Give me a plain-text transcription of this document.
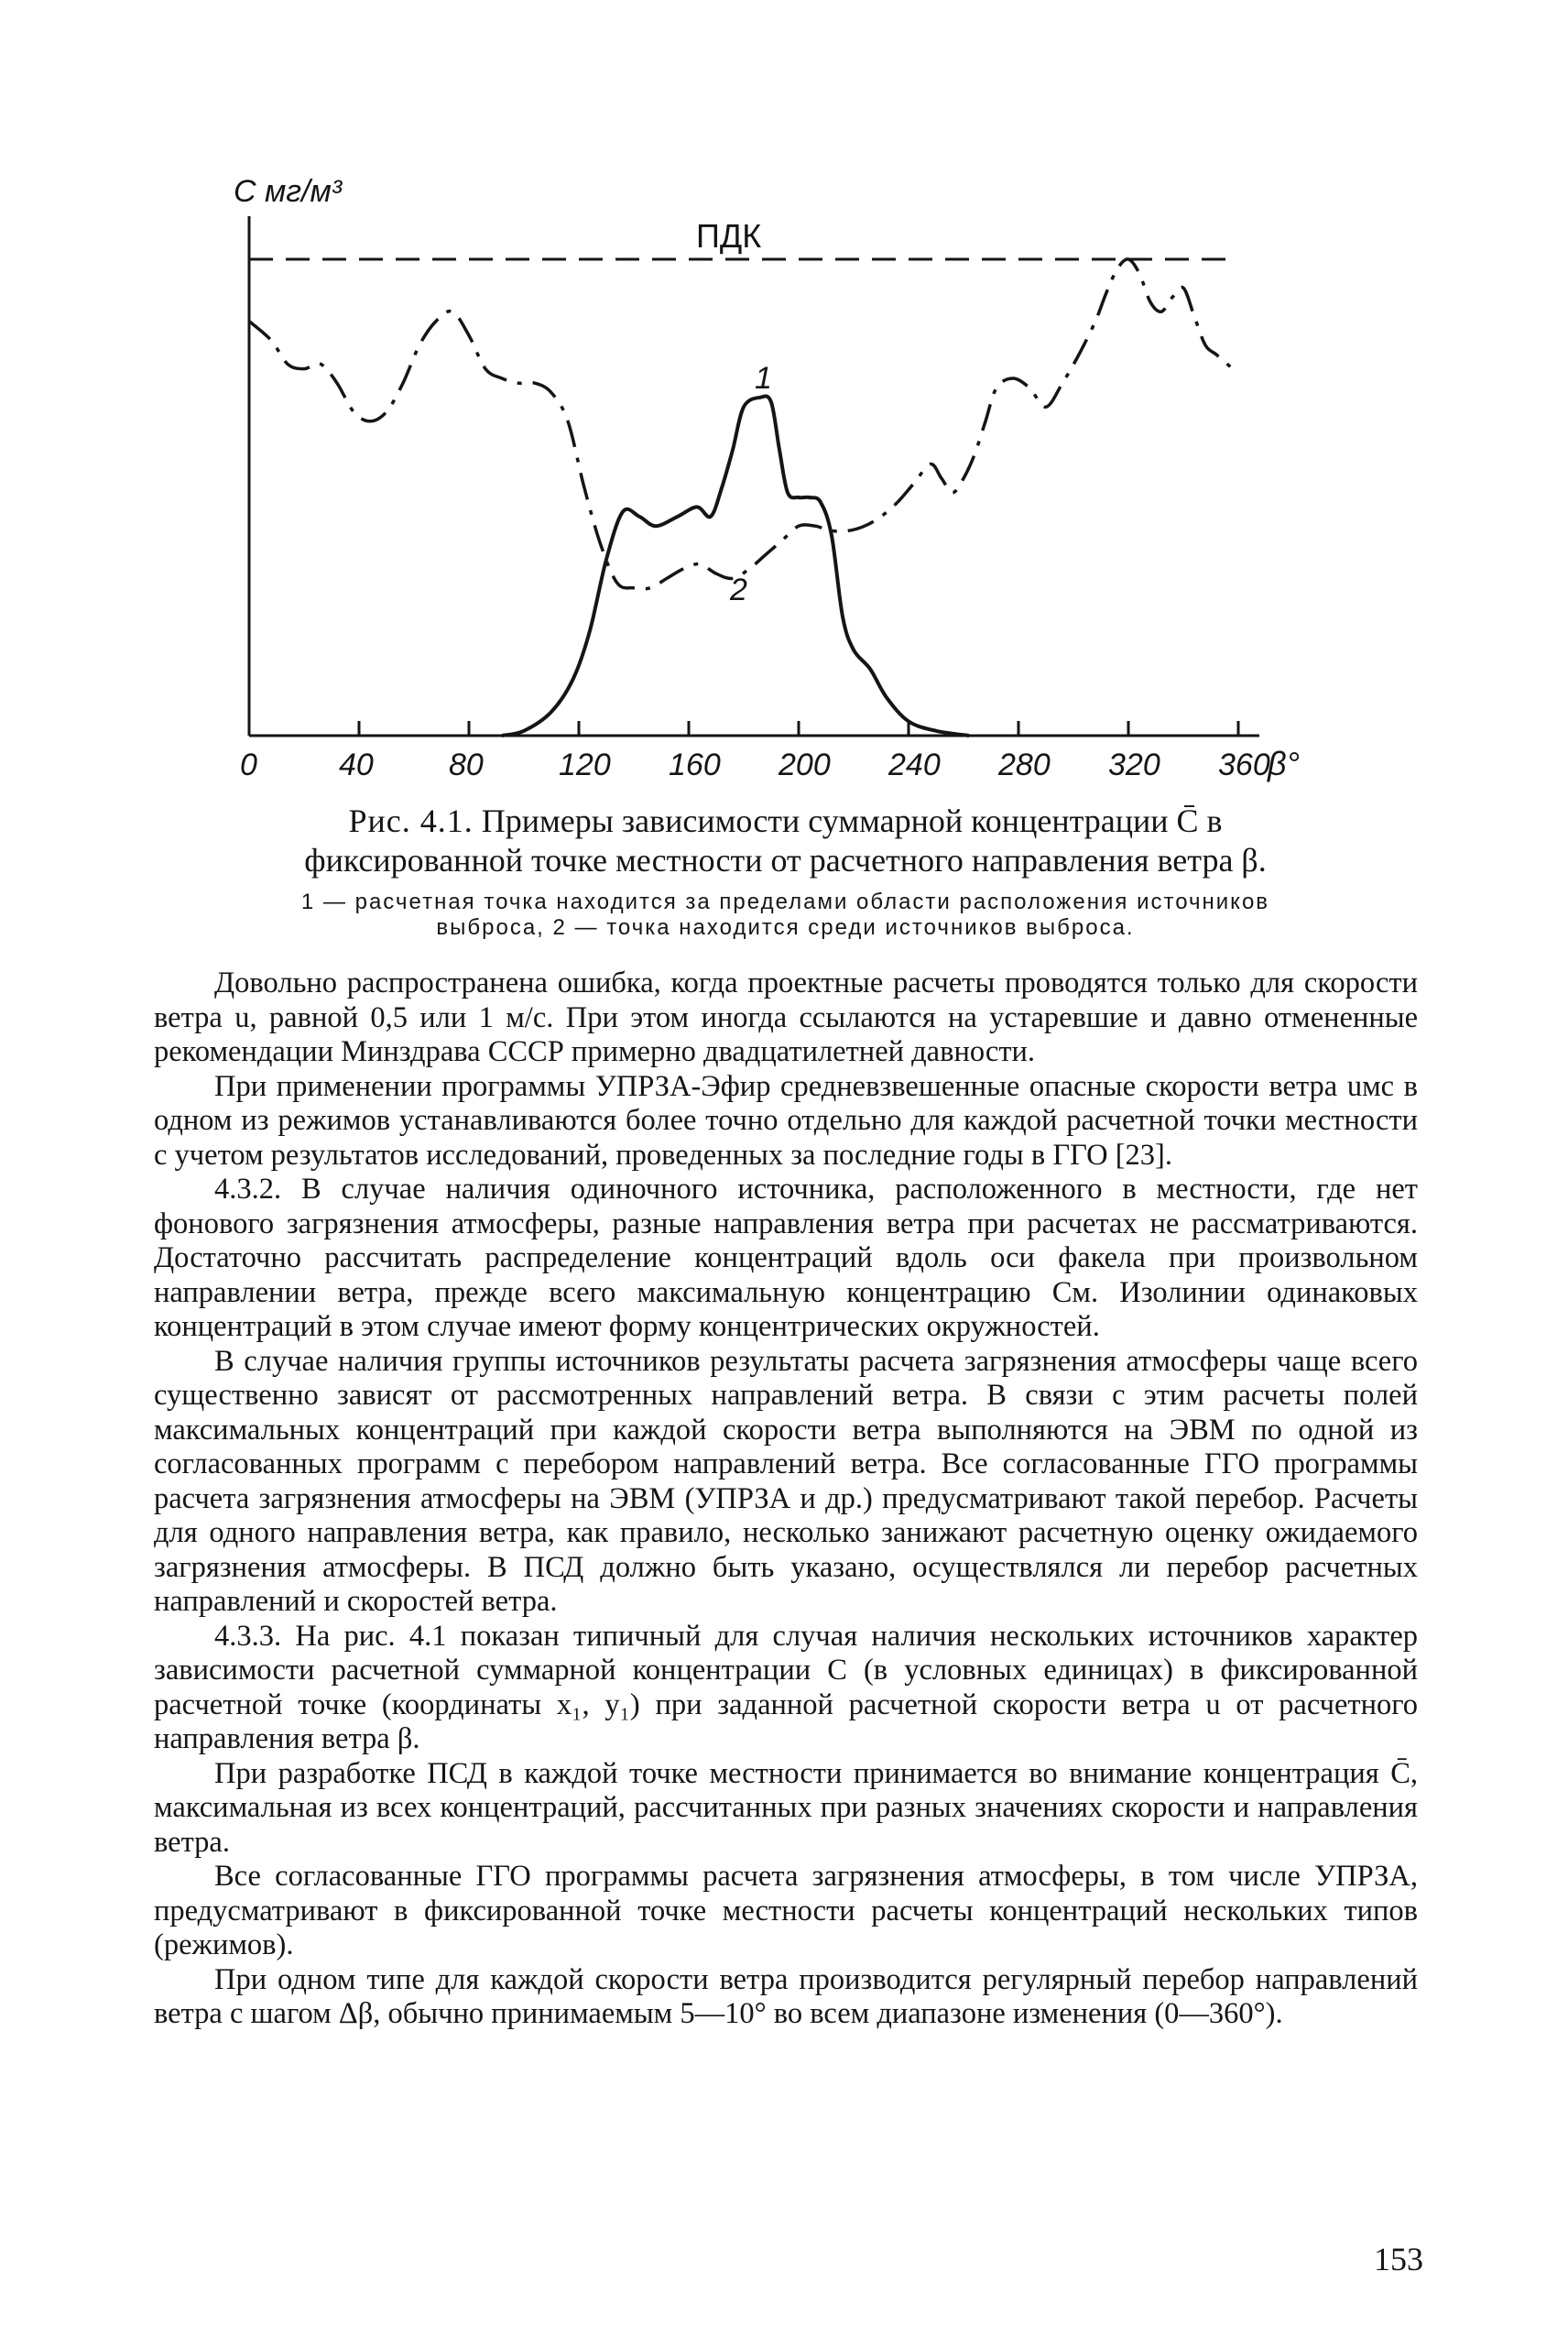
С мг/м³
ПДК
β°
0	40 80 120 160 200 240 280 320 360
1
2

Рис. 4.1. Примеры зависимости суммарной концентрации C̄ в фиксированной точке местности от расчетного направления ветра β.

1 — расчетная точка находится за пределами области расположения источников выброса, 2 — точка находится среди источников выброса.

Довольно распространена ошибка, когда проектные расчеты проводятся только для скорости ветра u, равной 0,5 или 1 м/с. При этом иногда ссылаются на устаревшие и давно отмененные рекомендации Минздрава СССР примерно двадцатилетней давности.

При применении программы УПРЗА-Эфир средневзвешенные опасные скорости ветра uмс в одном из режимов устанавливаются более точно отдельно для каждой расчетной точки местности с учетом результатов исследований, проведенных за последние годы в ГГО [23].

4.3.2. В случае наличия одиночного источника, расположенного в местности, где нет фонового загрязнения атмосферы, разные направления ветра при расчетах не рассматриваются. Достаточно рассчитать распределение концентраций вдоль оси факела при произвольном направлении ветра, прежде всего максимальную концентрацию Cм. Изолинии одинаковых концентраций в этом случае имеют форму концентрических окружностей.

В случае наличия группы источников результаты расчета загрязнения атмосферы чаще всего существенно зависят от рассмотренных направлений ветра. В связи с этим расчеты полей максимальных концентраций при каждой скорости ветра выполняются на ЭВМ по одной из согласованных программ с перебором направлений ветра. Все согласованные ГГО программы расчета загрязнения атмосферы на ЭВМ (УПРЗА и др.) предусматривают такой перебор. Расчеты для одного направления ветра, как правило, несколько занижают расчетную оценку ожидаемого загрязнения атмосферы. В ПСД должно быть указано, осуществлялся ли перебор расчетных направлений и скоростей ветра.

4.3.3. На рис. 4.1 показан типичный для случая наличия нескольких источников характер зависимости расчетной суммарной концентрации C (в условных единицах) в фиксированной расчетной точке (координаты x₁, y₁) при заданной расчетной скорости ветра u от расчетного направления ветра β.

При разработке ПСД в каждой точке местности принимается во внимание концентрация C̄, максимальная из всех концентраций, рассчитанных при разных значениях скорости и направления ветра.

Все согласованные ГГО программы расчета загрязнения атмосферы, в том числе УПРЗА, предусматривают в фиксированной точке местности расчеты концентраций нескольких типов (режимов).

При одном типе для каждой скорости ветра производится регулярный перебор направлений ветра с шагом Δβ, обычно принимаемым 5—10° во всем диапазоне изменения (0—360°).

153
